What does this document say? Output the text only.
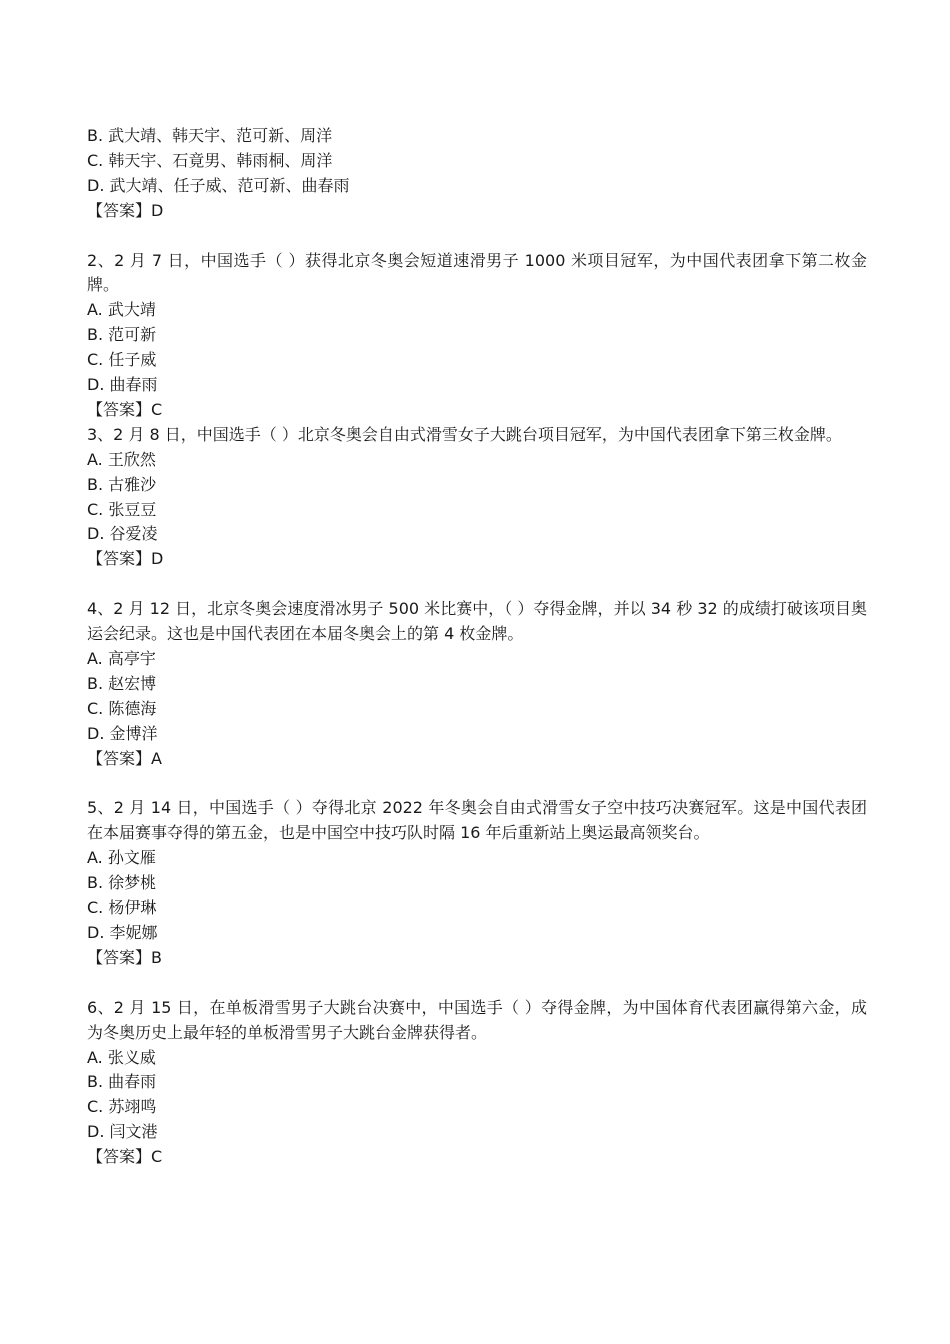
B. 武大靖、韩天宇、范可新、周洋
C. 韩天宇、石竟男、韩雨桐、周洋
D. 武大靖、任子威、范可新、曲春雨
【答案】D
2、2 月 7 日，中国选手（ ）获得北京冬奥会短道速滑男子 1000 米项目冠军，为中国代表团拿下第二枚金牌。
A. 武大靖
B. 范可新
C. 任子威
D. 曲春雨
【答案】C
3、2 月 8 日，中国选手（ ）北京冬奥会自由式滑雪女子大跳台项目冠军，为中国代表团拿下第三枚金牌。
A. 王欣然
B. 古雅沙
C. 张豆豆
D. 谷爱凌
【答案】D
4、2 月 12 日，北京冬奥会速度滑冰男子 500 米比赛中，（ ）夺得金牌，并以 34 秒 32 的成绩打破该项目奥运会纪录。这也是中国代表团在本届冬奥会上的第 4 枚金牌。
A. 高亭宇
B. 赵宏博
C. 陈德海
D. 金博洋
【答案】A
5、2 月 14 日，中国选手（ ）夺得北京 2022 年冬奥会自由式滑雪女子空中技巧决赛冠军。这是中国代表团在本届赛事夺得的第五金，也是中国空中技巧队时隔 16 年后重新站上奥运最高领奖台。
A. 孙文雁
B. 徐梦桃
C. 杨伊琳
D. 李妮娜
【答案】B
6、2 月 15 日，在单板滑雪男子大跳台决赛中，中国选手（ ）夺得金牌，为中国体育代表团赢得第六金，成为冬奥历史上最年轻的单板滑雪男子大跳台金牌获得者。
A. 张义威
B. 曲春雨
C. 苏翊鸣
D. 闫文港
【答案】C
